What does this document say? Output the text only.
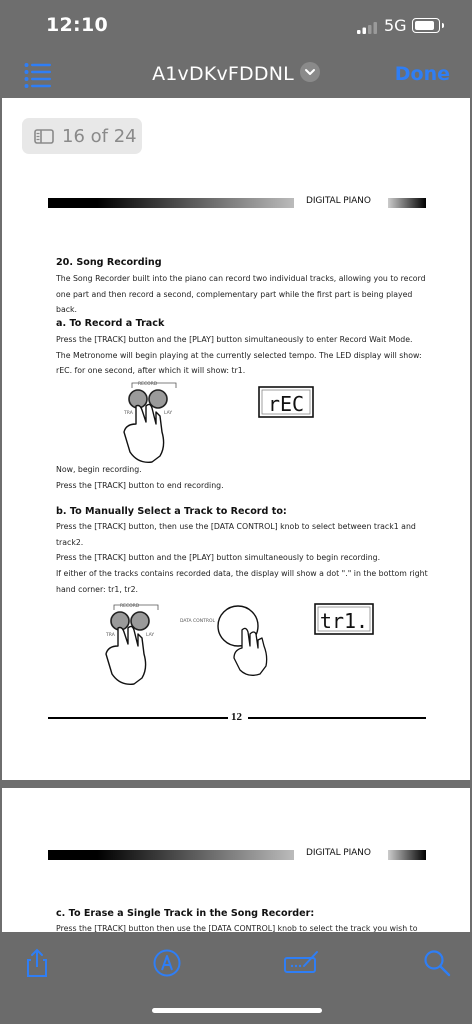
12:10	5G
A1vDKvFDDNL	Done
16 of 24
DIGITAL PIANO
20. Song Recording
The Song Recorder built into the piano can record two individual tracks, allowing you to record
one part and then record a second, complementary part while the first part is being played back.
a. To Record a Track
Press the [TRACK] button and the [PLAY] button simultaneously to enter Record Wait Mode.
The Metronome will begin playing at the currently selected tempo. The LED display will show:
rEC. for one second, after which it will show: tr1.
RECORD
TRA	LAY	rEC
Now, begin recording.
Press the [TRACK] button to end recording.
b. To Manually Select a Track to Record to:
Press the [TRACK] button, then use the [DATA CONTROL] knob to select between track1 and
track2.
Press the [TRACK] button and the [PLAY] button simultaneously to begin recording.
If either of the tracks contains recorded data, the display will show a dot "." in the bottom right
hand corner: tr1, tr2.
RECORD
TRA	LAY
DATA CONTROL	tr1.
12
DIGITAL PIANO
c. To Erase a Single Track in the Song Recorder:
Press the [TRACK] button then use the [DATA CONTROL] knob to select the track you wish to
